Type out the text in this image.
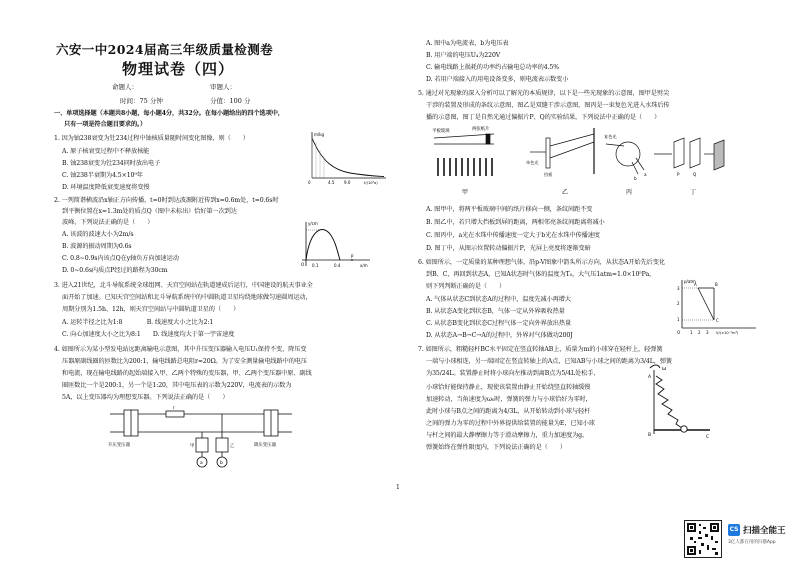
六安一中2024届高三年级质量检测卷
物理试卷（四）
命题人：	审题人：
时间：75 分钟	分值：100 分
一、单项选择题（本题共8小题，每小题4分，共32分。在每小题给出的四个选项中，
只有一项是符合题目要求的。）
1. 因为铀238衰变为钍234过程中铀核质量随时间变化图像，则（　　）
A. 原子核衰变过程中不释放核能
B. 铀238衰变为钍234同时放出电子
C. 铀238半衰期为4.5×10⁹年
D. 环境温度降低衰变速度将变慢
2. 一列简谐横波沿x轴正方向传播，t=0时到达波源附近传到x=0.6m处，t=0.6s时
到平衡位置在x=1.3m处的质点Q（图中未标出）恰好第一次到达
波峰，下列说法正确的是（　　）
A. 该波的波速大小为2m/s
B. 波源的振动周期为0.6s
C. 0.8~0.9s内该点Q在y轴负方向加速运动
D. 0~0.6s内质点P经过的路程为30cm
3. 进入21世纪，北斗导航系统全球组网、天宫空间站在轨道建成后运行，中国建设的航天事业全
面开始了加速。已知天宫空间站和北斗导航系统中的中圆轨道卫星均绕地球做匀速圆周运动，
周期分别为1.5h、12h，则天宫空间站与中圆轨道卫星的（　　）
A. 运转半径之比为1:8　　　　B. 线速度大小之比为2:1
C. 向心加速度大小之比为8:1　　D. 线速度均大于第一宇宙速度
4. 如图所示为某小型发电站远距离输电示意图，其中升压变压器输入电压U₁保持不变，降压变
压器原副线圈的匝数比为200:1，输电线路总电阻r=20Ω。为了安全测量输电线路中的电压
和电流，现在输电线路的起始端接入甲、乙两个特殊的变压器，甲、乙两个变压器中原、副线
圈匝数比一个是200:1，另一个是1:20，其中电压表的示数为220V，电流表的示数为
5A，以上变压器均为理想变压器。下列说法正确的是（　　）
m/kg
0	4.5 9.0	t/(10⁹a)
y/cm
O 0.1	0.4
P
x/m
升压变压器	降压变压器
r
a	b
甲	乙
A. 图中a为电流表，b为电压表
B. 用户端的电压U₄为220V
C. 输电线路上损耗的功率约占输电总功率的4.5%
D. 若用户端接入的用电设备变多，则电流表示数变小
5. 通过对光现象的深入分析可以了解光的本质规律，以下是一些光现象的示意图，图甲是劈尖
干涉的装置及形成的条纹示意图，图乙是双缝干涉示意图，图丙是一束复色光进入水珠后传
播的示意图，图丁是自然光通过偏振片P、Q的实验结果，下列说法中正确的是（　　）
A. 图甲中，将两平板玻璃中间的纸片移向一侧，条纹间距不变
B. 图乙中，若只增大挡板到屏的距离，两相邻亮条纹间距离将减小
C. 图丙中，a光在水珠中传播速度一定大于b光在水珠中传播速度
D. 图丁中，从图示位置转动偏振片P，光屏上亮度将逐渐变暗
6. 如图所示，一定质量的某种理想气体，沿p-V图象中箭头所示方向，从状态A开始先后变化
到B、C，再回到状态A，已知A状态时气体的温度为T₀，大气压1atm=1.0×10⁵Pa，
则下列判断正确的是（　　）
A. 气体从状态C到状态A的过程中，温度先减小再增大
B. 从状态A变化到状态B，气体一定从外界吸收热量
C. 从状态B变化到状态C过程气体一定向外界放出热量
D. 从状态A→B→C→A的过程中，外界对气体做功200J
7. 如图所示，粗糙轻杆BC水平固定在竖直转轴AB上，质量为m的小球穿在轻杆上，轻弹簧
一端与小球相连，另一端固定在竖直转轴上的A点，已知AB与小球之间的距离为3/4L，弹簧
为35/24L。装置静止时将小球向左推动到离B点为5/4L处松手，
小球恰好能保持静止，现使该装置由静止开始绕竖直转轴缓慢
加速转动，当角速度为ω₀时，弹簧的弹力与小球恰好为零时，
此时小球与B点之间的距离为4/3L，从开始转动到小球与轻杆
之间的弹力为零的过程中外界提供给装置的能量为E，已知小球
与杆之间的最大静摩擦力等于滑动摩擦力，重力加速度为g，
弹簧始终在弹性限度内，下列说法正确的是（　　）
平板玻璃	两张纸片
单色光
挡板
复色光
a
b
P	Q
甲	乙	丙	丁
p/atm
V/(×10⁻³m³)
A	B
C
O
1
2
3
1 2 3
ω
A
B	C
1
CS 扫描全能王
3亿人都在用的扫描App
